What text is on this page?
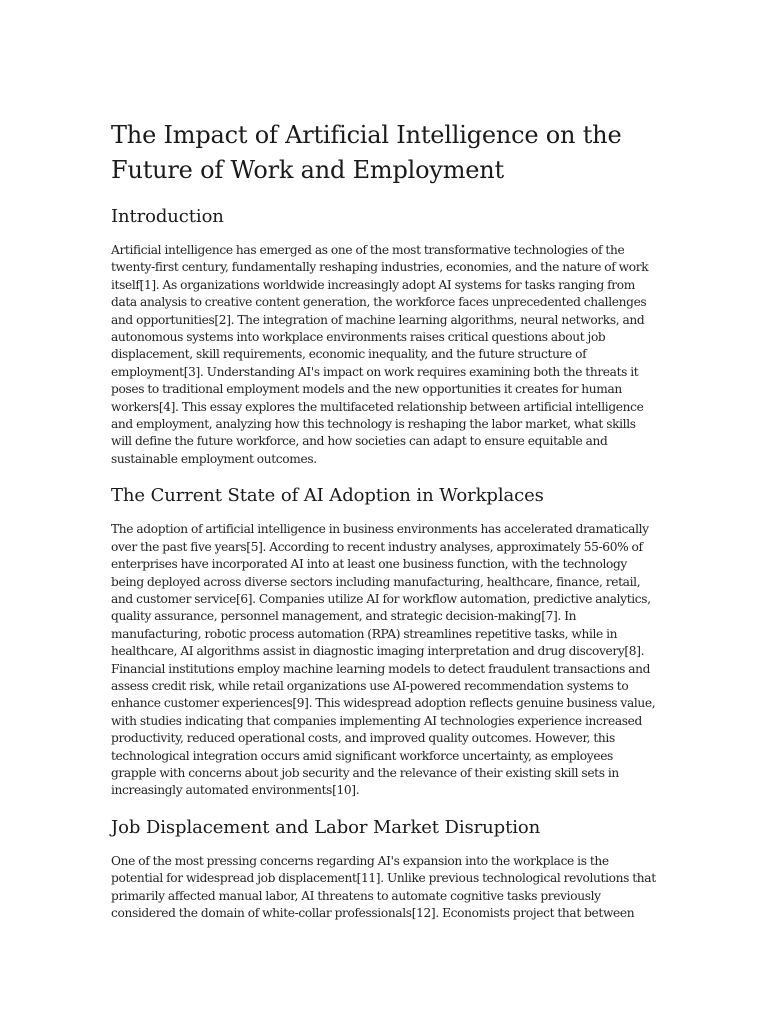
The Impact of Artificial Intelligence on the Future of Work and Employment
Introduction

Artificial intelligence has emerged as one of the most transformative technologies of the twenty-first century, fundamentally reshaping industries, economies, and the nature of work itself[1]. As organizations worldwide increasingly adopt AI systems for tasks ranging from data analysis to creative content generation, the workforce faces unprecedented challenges and opportunities[2]. The integration of machine learning algorithms, neural networks, and autonomous systems into workplace environments raises critical questions about job displacement, skill requirements, economic inequality, and the future structure of employment[3]. Understanding AI's impact on work requires examining both the threats it poses to traditional employment models and the new opportunities it creates for human workers[4]. This essay explores the multifaceted relationship between artificial intelligence and employment, analyzing how this technology is reshaping the labor market, what skills will define the future workforce, and how societies can adapt to ensure equitable and sustainable employment outcomes.

The Current State of AI Adoption in Workplaces

The adoption of artificial intelligence in business environments has accelerated dramatically over the past five years[5]. According to recent industry analyses, approximately 55-60% of enterprises have incorporated AI into at least one business function, with the technology being deployed across diverse sectors including manufacturing, healthcare, finance, retail, and customer service[6]. Companies utilize AI for workflow automation, predictive analytics, quality assurance, personnel management, and strategic decision-making[7]. In manufacturing, robotic process automation (RPA) streamlines repetitive tasks, while in healthcare, AI algorithms assist in diagnostic imaging interpretation and drug discovery[8]. Financial institutions employ machine learning models to detect fraudulent transactions and assess credit risk, while retail organizations use AI-powered recommendation systems to enhance customer experiences[9]. This widespread adoption reflects genuine business value, with studies indicating that companies implementing AI technologies experience increased productivity, reduced operational costs, and improved quality outcomes. However, this technological integration occurs amid significant workforce uncertainty, as employees grapple with concerns about job security and the relevance of their existing skill sets in increasingly automated environments[10].

Job Displacement and Labor Market Disruption

One of the most pressing concerns regarding AI's expansion into the workplace is the potential for widespread job displacement[11]. Unlike previous technological revolutions that primarily affected manual labor, AI threatens to automate cognitive tasks previously considered the domain of white-collar professionals[12]. Economists project that between
